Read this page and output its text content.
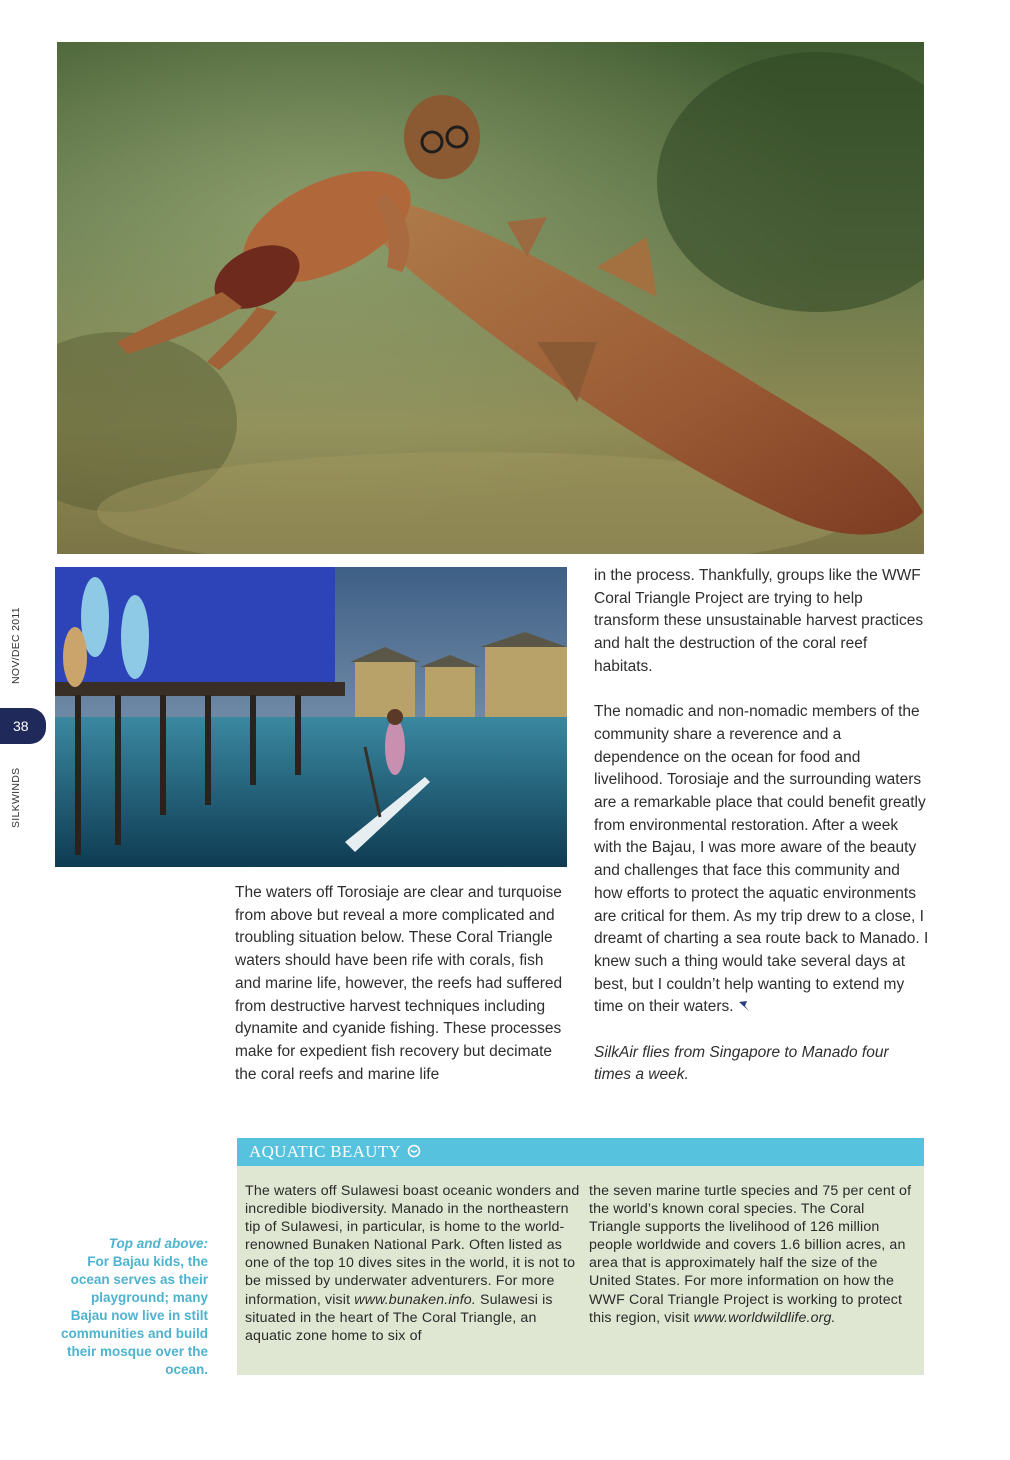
NOV/DEC 2011
38
SILKWINDS

The waters off Torosiaje are clear and turquoise from above but reveal a more complicated and troubling situation below. These Coral Triangle waters should have been rife with corals, fish and marine life, however, the reefs had suffered from destructive harvest techniques including dynamite and cyanide fishing. These processes make for expedient fish recovery but decimate the coral reefs and marine life

in the process. Thankfully, groups like the WWF Coral Triangle Project are trying to help transform these unsustainable harvest practices and halt the destruction of the coral reef habitats.

The nomadic and non-nomadic members of the community share a reverence and a dependence on the ocean for food and livelihood. Torosiaje and the surrounding waters are a remarkable place that could benefit greatly from environmental restoration. After a week with the Bajau, I was more aware of the beauty and challenges that face this community and how efforts to protect the aquatic environments are critical for them. As my trip drew to a close, I dreamt of charting a sea route back to Manado. I knew such a thing would take several days at best, but I couldn’t help wanting to extend my time on their waters.

SilkAir flies from Singapore to Manado four times a week.

Top and above:
For Bajau kids, the ocean serves as their playground; many Bajau now live in stilt communities and build their mosque over the ocean.
AQUATIC BEAUTY

The waters off Sulawesi boast oceanic wonders and incredible biodiversity. Manado in the northeastern tip of Sulawesi, in particular, is home to the world-renowned Bunaken National Park. Often listed as one of the top 10 dives sites in the world, it is not to be missed by underwater adventurers. For more information, visit www.bunaken.info. Sulawesi is situated in the heart of The Coral Triangle, an aquatic zone home to six of

the seven marine turtle species and 75 per cent of the world’s known coral species. The Coral Triangle supports the livelihood of 126 million people worldwide and covers 1.6 billion acres, an area that is approximately half the size of the United States. For more information on how the WWF Coral Triangle Project is working to protect this region, visit www.worldwildlife.org.
